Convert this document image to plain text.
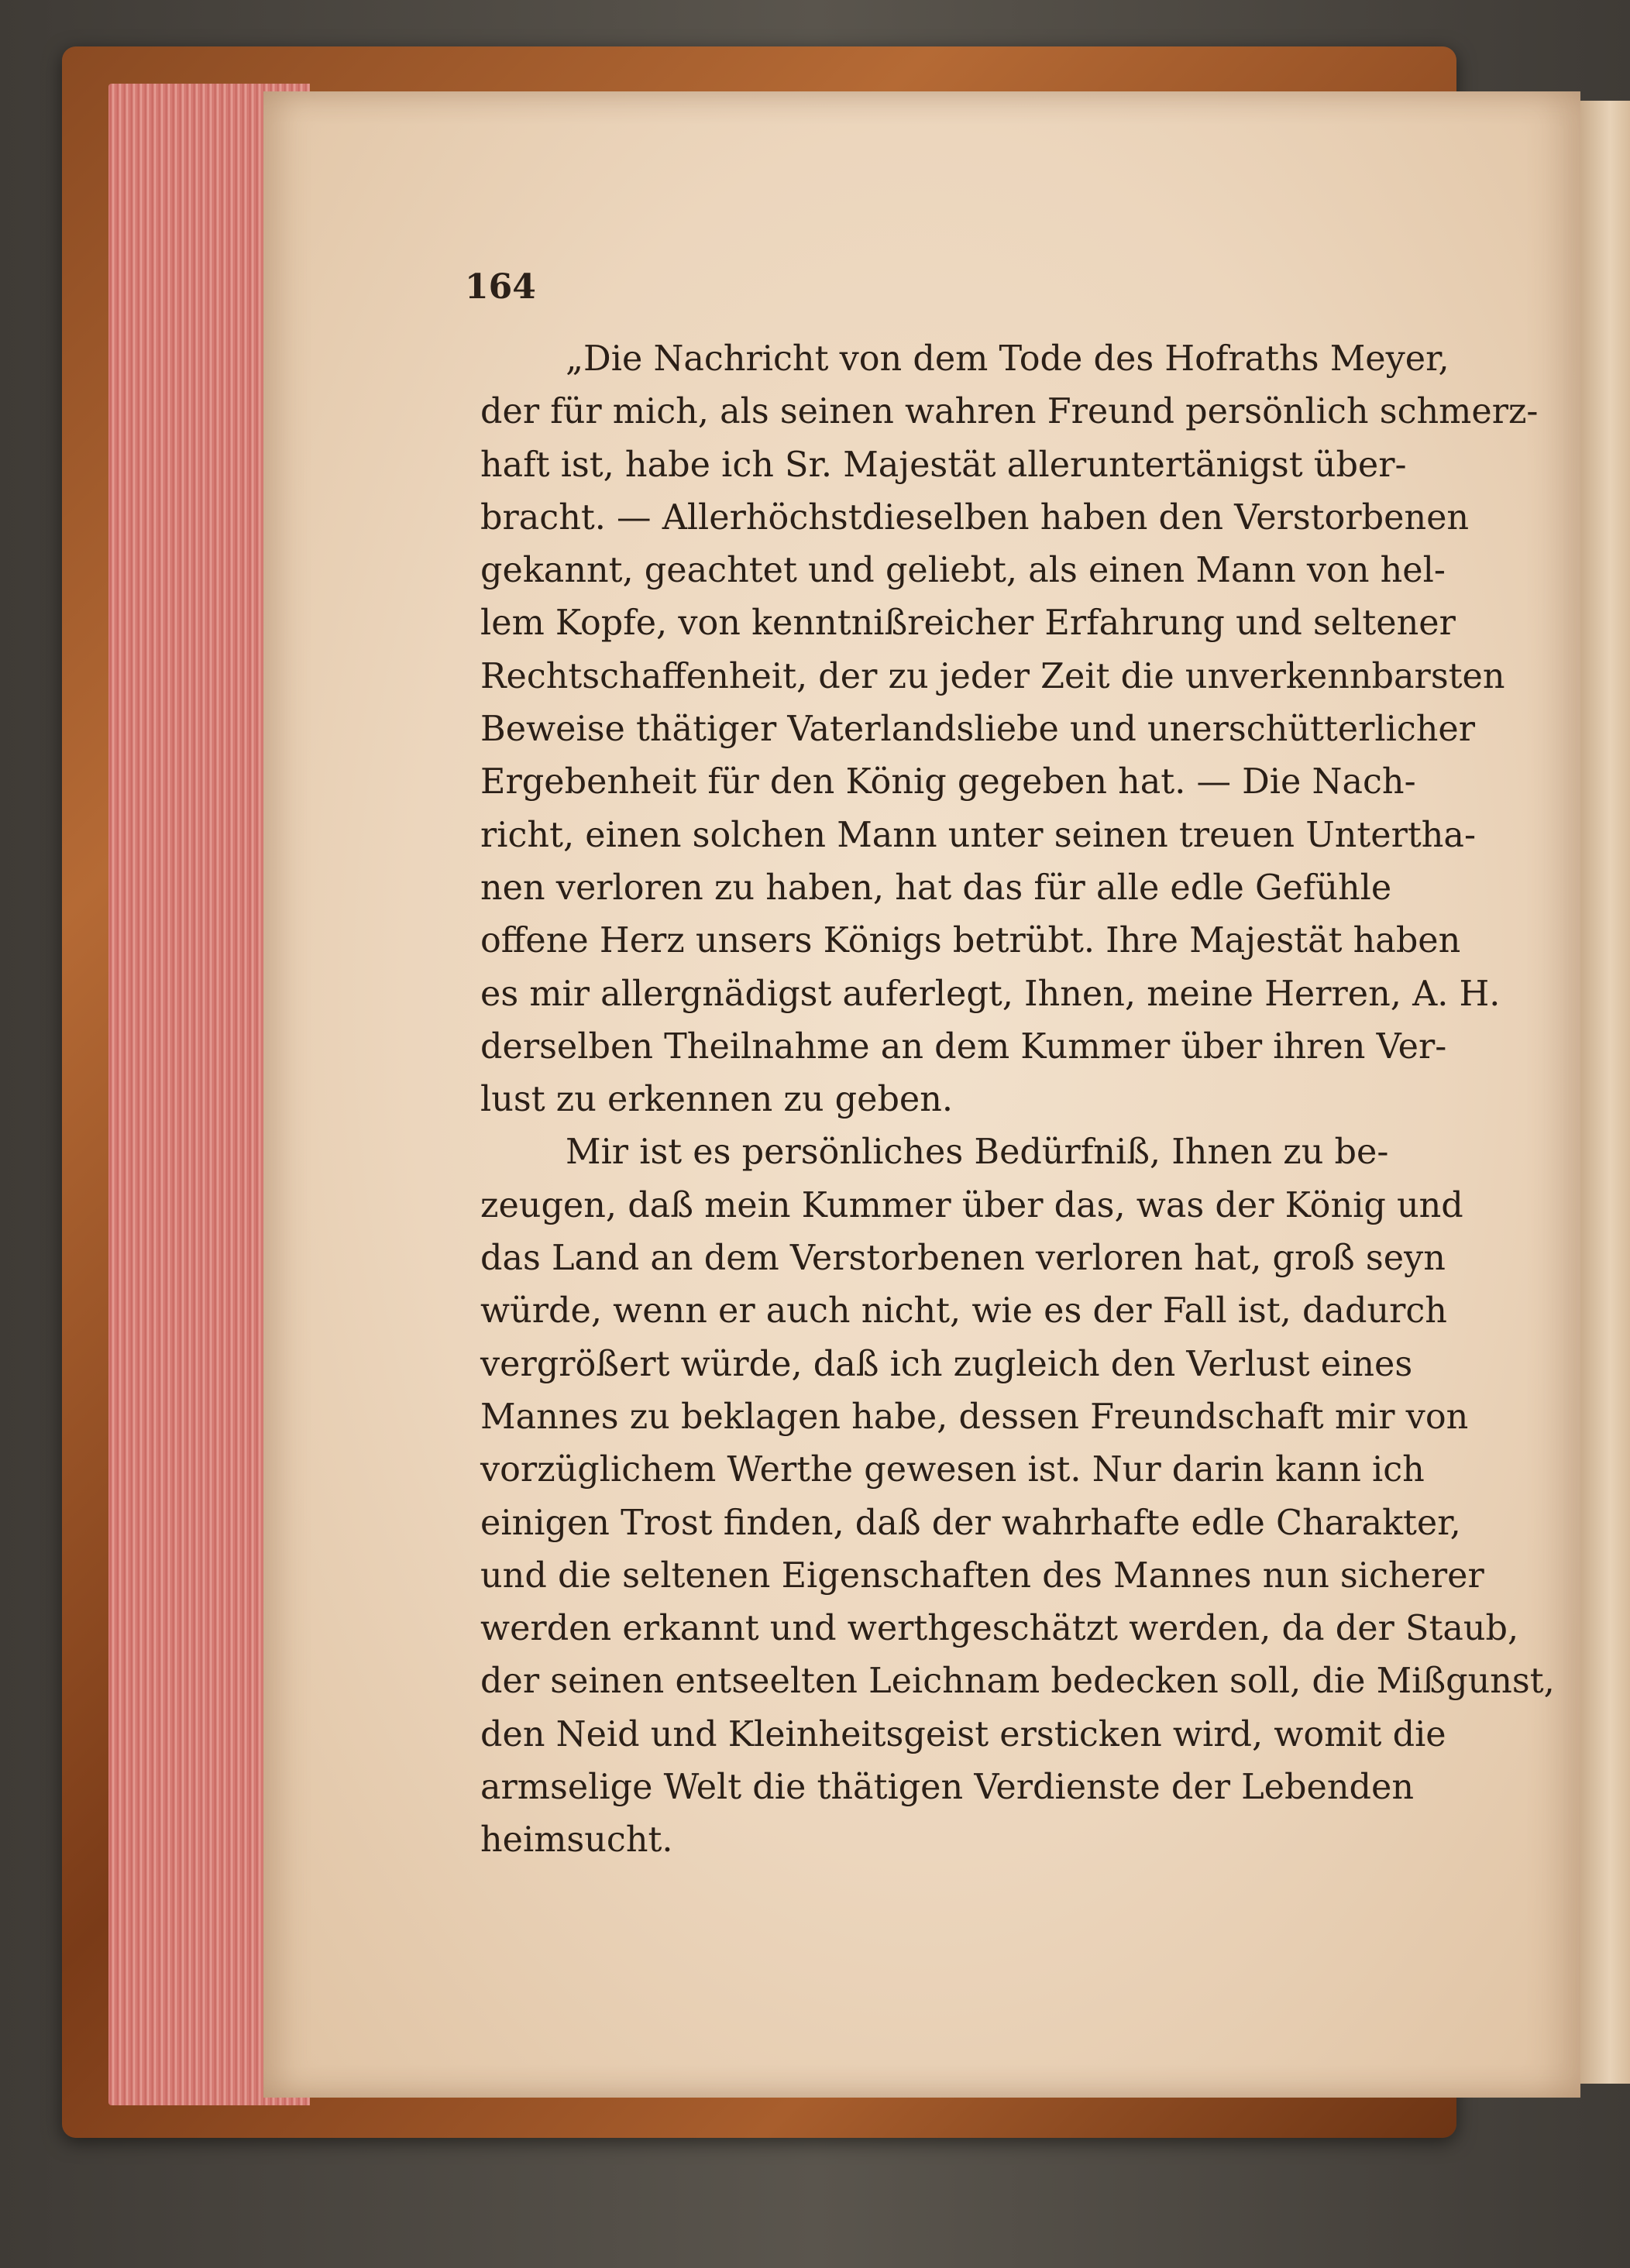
164

„Die Nachricht von dem Tode des Hofraths Meyer,
der für mich, als seinen wahren Freund persönlich schmerz-
haft ist, habe ich Sr. Majestät alleruntertänigst über-
bracht. — Allerhöchstdieselben haben den Verstorbenen
gekannt, geachtet und geliebt, als einen Mann von hel-
lem Kopfe, von kenntnißreicher Erfahrung und seltener
Rechtschaffenheit, der zu jeder Zeit die unverkennbarsten
Beweise thätiger Vaterlandsliebe und unerschütterlicher
Ergebenheit für den König gegeben hat. — Die Nach-
richt, einen solchen Mann unter seinen treuen Untertha-
nen verloren zu haben, hat das für alle edle Gefühle
offene Herz unsers Königs betrübt. Ihre Majestät haben
es mir allergnädigst auferlegt, Ihnen, meine Herren, A. H.
derselben Theilnahme an dem Kummer über ihren Ver-
lust zu erkennen zu geben.

Mir ist es persönliches Bedürfniß, Ihnen zu be-
zeugen, daß mein Kummer über das, was der König und
das Land an dem Verstorbenen verloren hat, groß seyn
würde, wenn er auch nicht, wie es der Fall ist, dadurch
vergrößert würde, daß ich zugleich den Verlust eines
Mannes zu beklagen habe, dessen Freundschaft mir von
vorzüglichem Werthe gewesen ist. Nur darin kann ich
einigen Trost finden, daß der wahrhafte edle Charakter,
und die seltenen Eigenschaften des Mannes nun sicherer
werden erkannt und werthgeschätzt werden, da der Staub,
der seinen entseelten Leichnam bedecken soll, die Mißgunst,
den Neid und Kleinheitsgeist ersticken wird, womit die
armselige Welt die thätigen Verdienste der Lebenden
heimsucht.
